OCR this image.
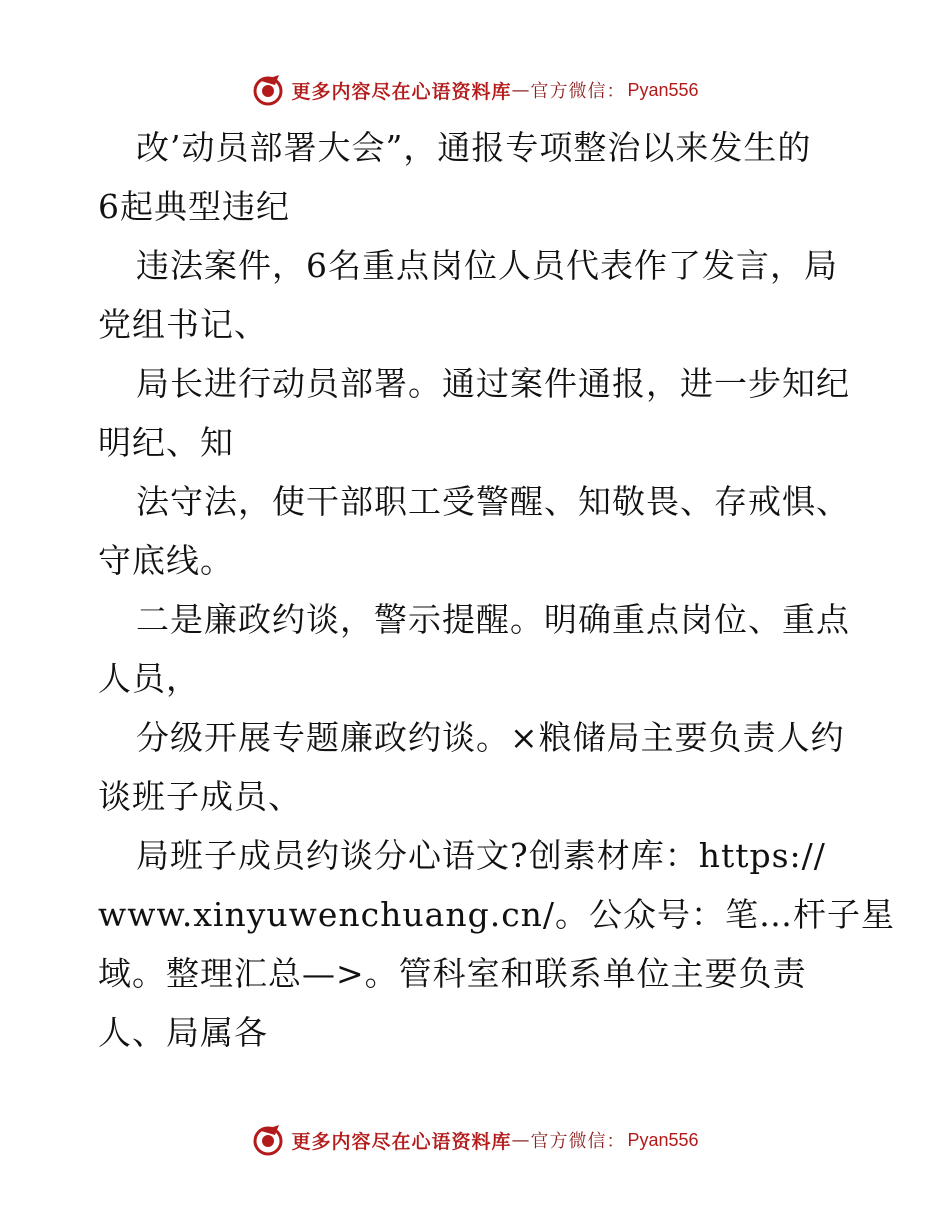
更多内容尽在心语资料库 — 官方微信： Pyan556
改’动员部署大会”，通报专项整治以来发生的
6起典型违纪
违法案件，6名重点岗位人员代表作了发言，局
党组书记、
局长进行动员部署。通过案件通报，进一步知纪
明纪、知
法守法，使干部职工受警醒、知敬畏、存戒惧、
守底线。
二是廉政约谈，警示提醒。明确重点岗位、重点
人员，
分级开展专题廉政约谈。×粮储局主要负责人约
谈班子成员、
局班子成员约谈分心语文?创素材库：https://
www.xinyuwenchuang.cn/。公众号：笔…杆子星
域。整理汇总—>。管科室和联系单位主要负责
人、局属各
更多内容尽在心语资料库 — 官方微信： Pyan556
